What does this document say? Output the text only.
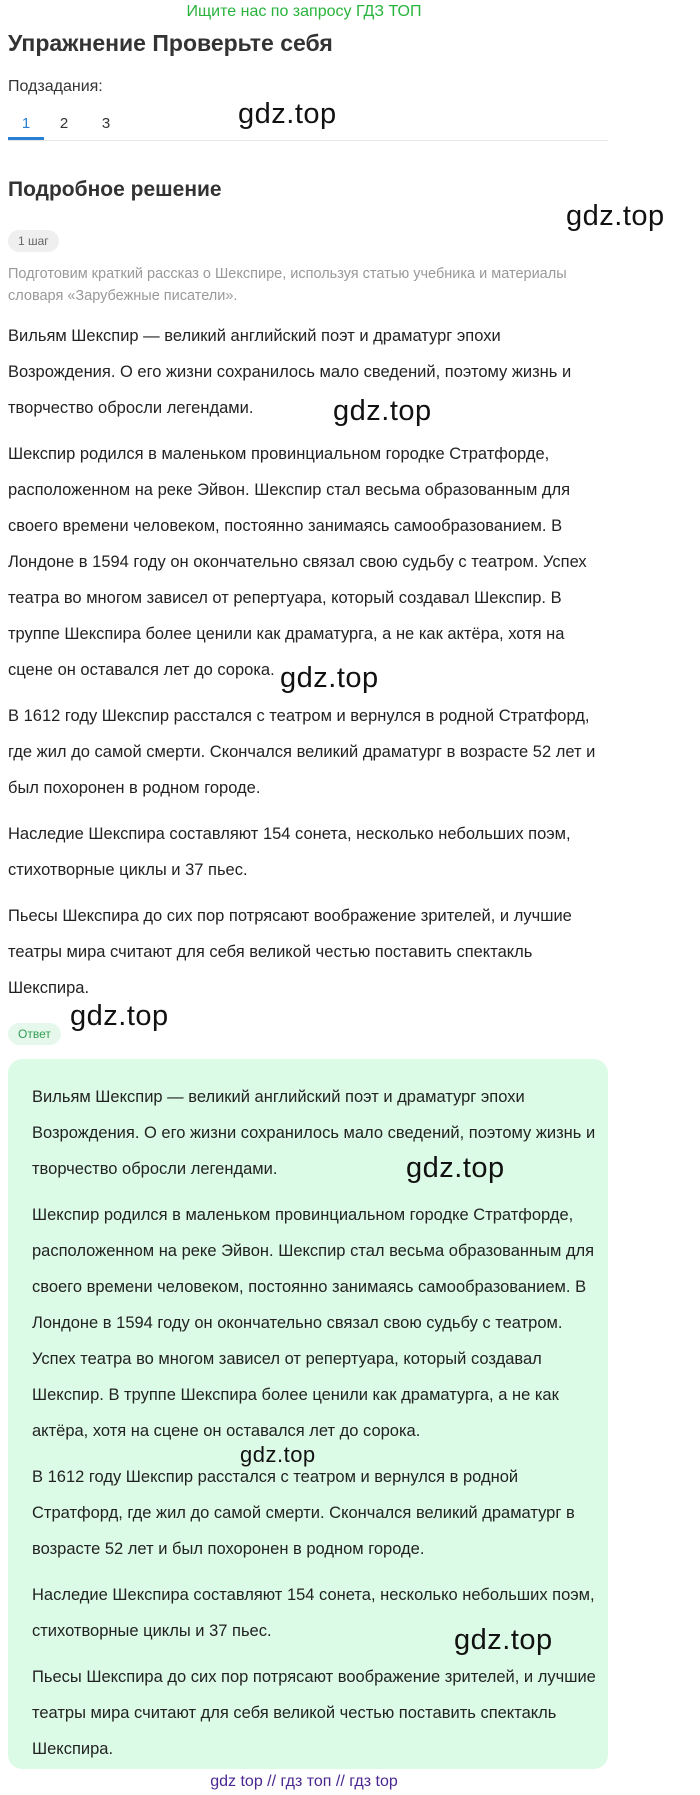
Ищите нас по запросу ГДЗ ТОП
Упражнение Проверьте себя
Подзадания:
1	2	3
Подробное решение
1 шаг

Подготовим краткий рассказ о Шекспире, используя статью учебника и материалы словаря «Зарубежные писатели».

Вильям Шекспир — великий английский поэт и драматург эпохи Возрождения. О его жизни сохранилось мало сведений, поэтому жизнь и творчество обросли легендами.

Шекспир родился в маленьком провинциальном городке Стратфорде, расположенном на реке Эйвон. Шекспир стал весьма образованным для своего времени человеком, постоянно занимаясь самообразованием. В Лондоне в 1594 году он окончательно связал свою судьбу с театром. Успех театра во многом зависел от репертуара, который создавал Шекспир. В труппе Шекспира более ценили как драматурга, а не как актёра, хотя на сцене он оставался лет до сорока.

В 1612 году Шекспир расстался с театром и вернулся в родной Стратфорд, где жил до самой смерти. Скончался великий драматург в возрасте 52 лет и был похоронен в родном городе.

Наследие Шекспира составляют 154 сонета, несколько небольших поэм, стихотворные циклы и 37 пьес.

Пьесы Шекспира до сих пор потрясают воображение зрителей, и лучшие театры мира считают для себя великой честью поставить спектакль Шекспира.

Ответ

Вильям Шекспир — великий английский поэт и драматург эпохи Возрождения. О его жизни сохранилось мало сведений, поэтому жизнь и творчество обросли легендами.

Шекспир родился в маленьком провинциальном городке Стратфорде, расположенном на реке Эйвон. Шекспир стал весьма образованным для своего времени человеком, постоянно занимаясь самообразованием. В Лондоне в 1594 году он окончательно связал свою судьбу с театром. Успех театра во многом зависел от репертуара, который создавал Шекспир. В труппе Шекспира более ценили как драматурга, а не как актёра, хотя на сцене он оставался лет до сорока.

В 1612 году Шекспир расстался с театром и вернулся в родной Стратфорд, где жил до самой смерти. Скончался великий драматург в возрасте 52 лет и был похоронен в родном городе.

Наследие Шекспира составляют 154 сонета, несколько небольших поэм, стихотворные циклы и 37 пьес.

Пьесы Шекспира до сих пор потрясают воображение зрителей, и лучшие театры мира считают для себя великой честью поставить спектакль Шекспира.

gdz.top
gdz.top
gdz.top
gdz.top
gdz.top
gdz.top
gdz.top
gdz.top
gdz top // гдз топ // гдз top
